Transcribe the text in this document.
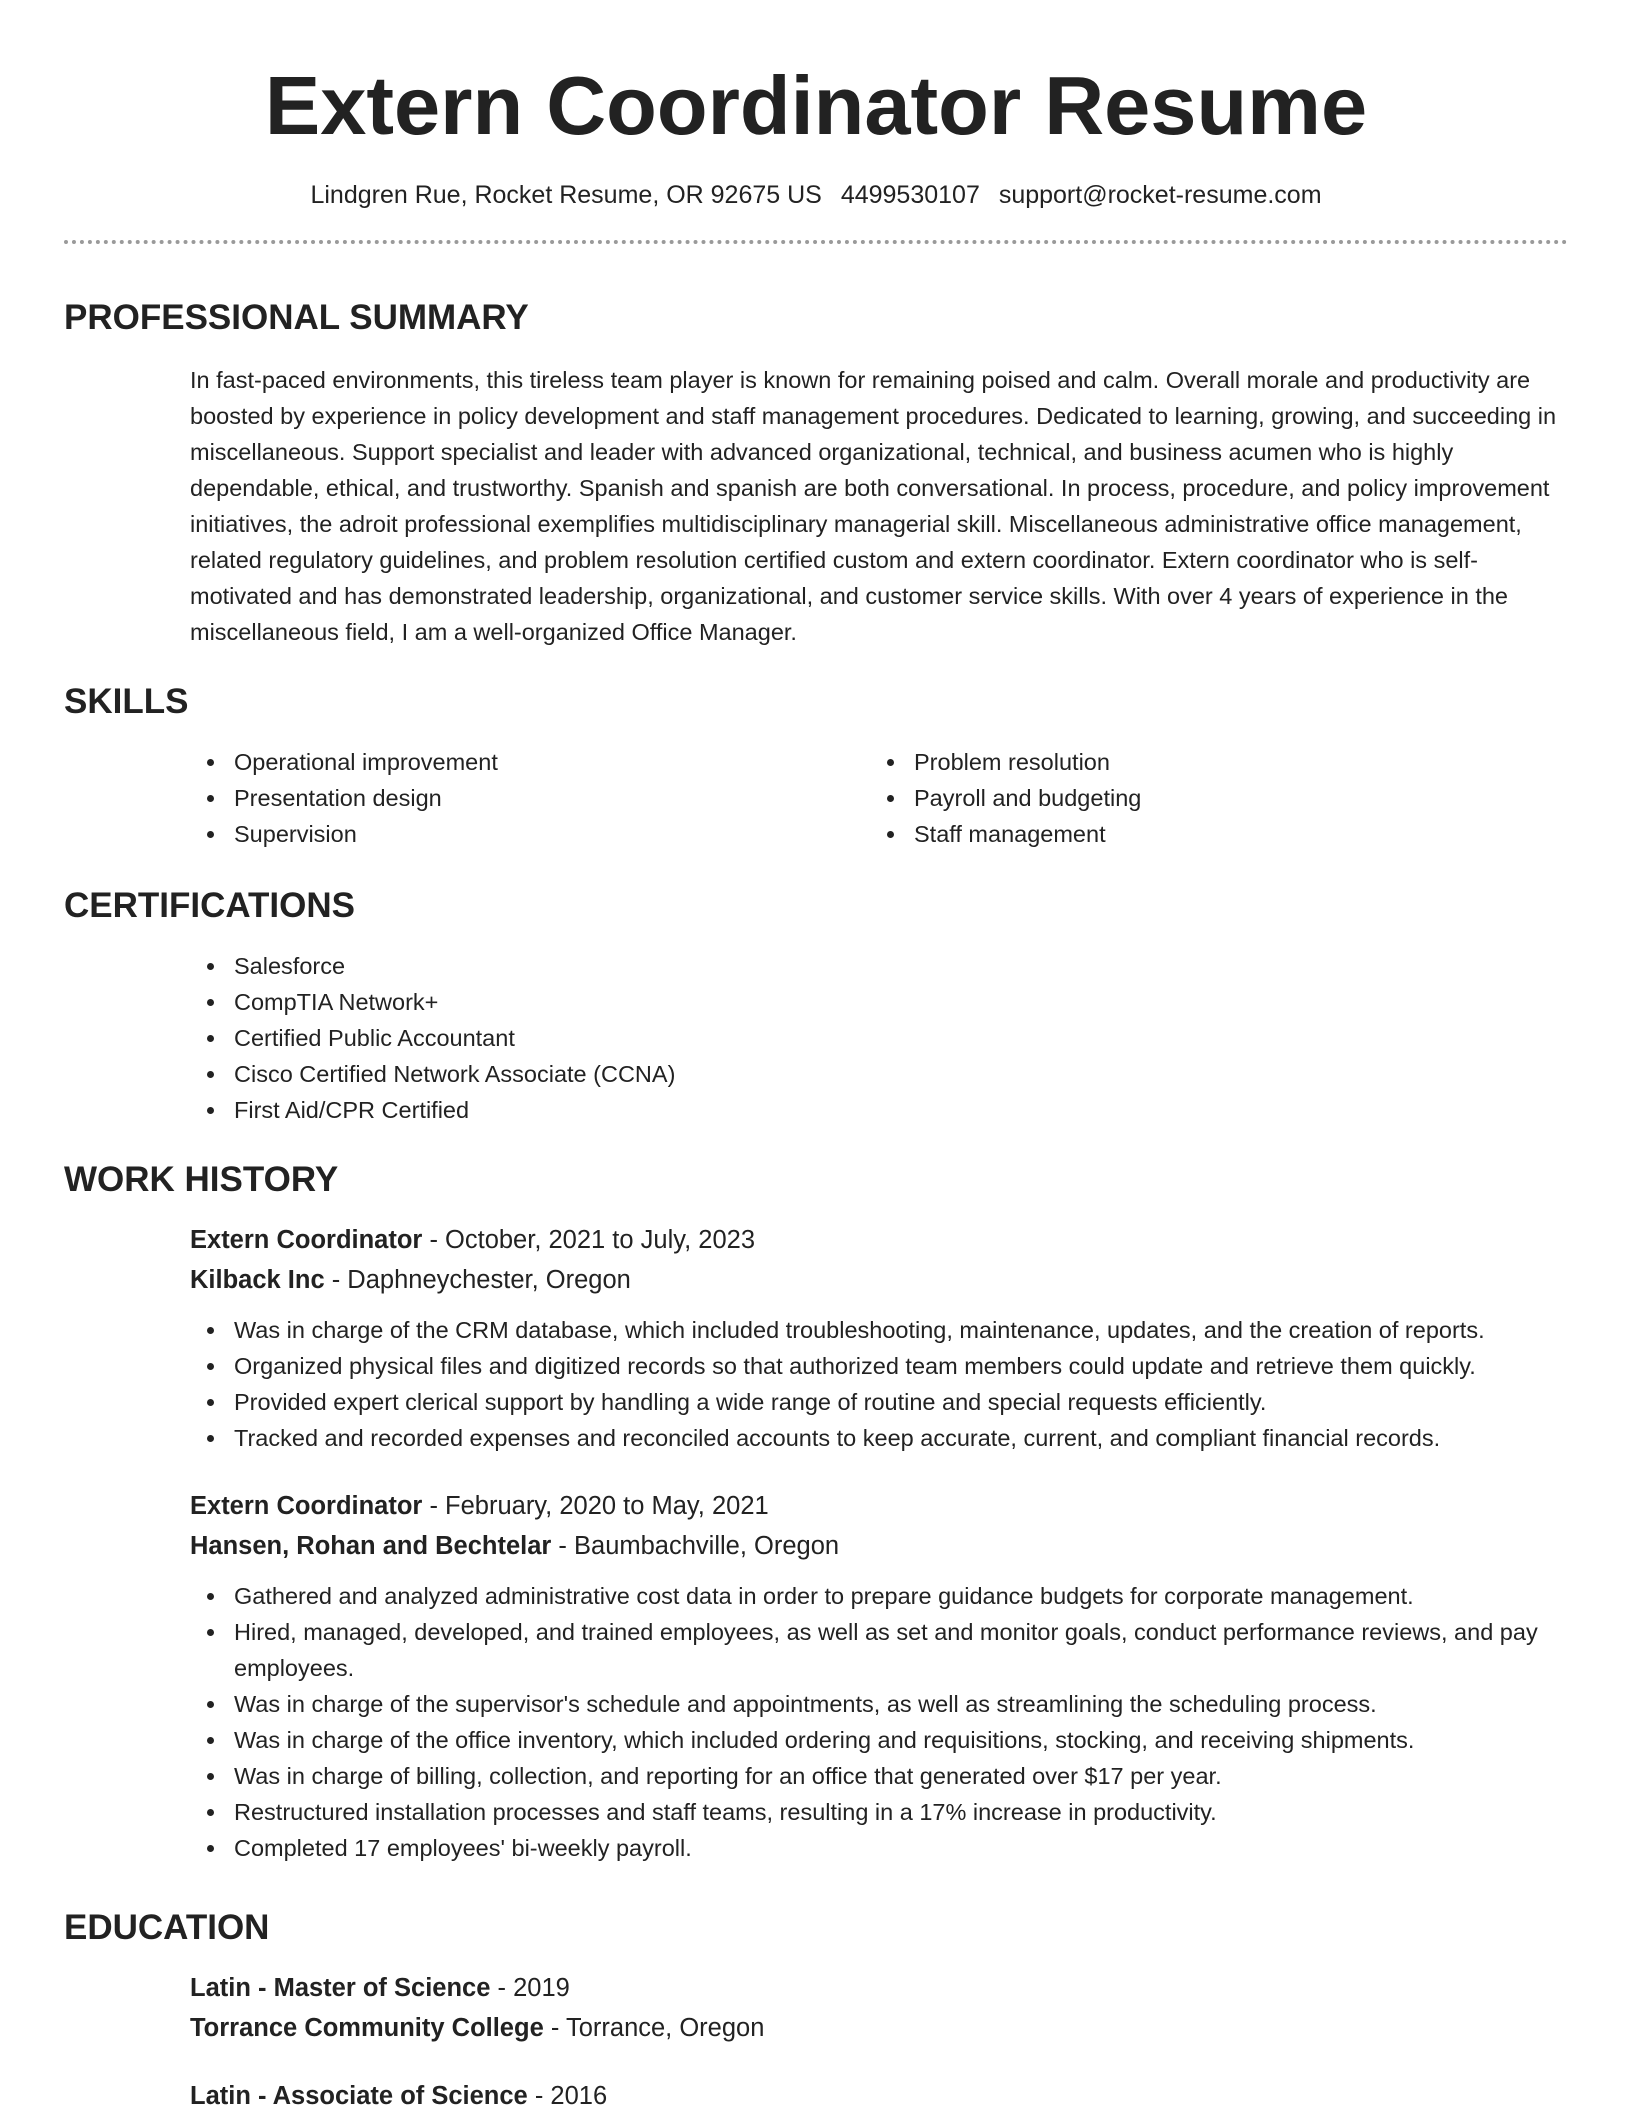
Extern Coordinator Resume
Lindgren Rue, Rocket Resume, OR 92675 US 4499530107 support@rocket-resume.com
PROFESSIONAL SUMMARY
In fast-paced environments, this tireless team player is known for remaining poised and calm. Overall morale and productivity are boosted by experience in policy development and staff management procedures. Dedicated to learning, growing, and succeeding in miscellaneous. Support specialist and leader with advanced organizational, technical, and business acumen who is highly dependable, ethical, and trustworthy. Spanish and spanish are both conversational. In process, procedure, and policy improvement initiatives, the adroit professional exemplifies multidisciplinary managerial skill. Miscellaneous administrative office management, related regulatory guidelines, and problem resolution certified custom and extern coordinator. Extern coordinator who is self-motivated and has demonstrated leadership, organizational, and customer service skills. With over 4 years of experience in the miscellaneous field, I am a well-organized Office Manager.
SKILLS
Operational improvement
Presentation design
Supervision
Problem resolution
Payroll and budgeting
Staff management
CERTIFICATIONS
Salesforce
CompTIA Network+
Certified Public Accountant
Cisco Certified Network Associate (CCNA)
First Aid/CPR Certified
WORK HISTORY
Extern Coordinator - October, 2021 to July, 2023
Kilback Inc - Daphneychester, Oregon
Was in charge of the CRM database, which included troubleshooting, maintenance, updates, and the creation of reports.
Organized physical files and digitized records so that authorized team members could update and retrieve them quickly.
Provided expert clerical support by handling a wide range of routine and special requests efficiently.
Tracked and recorded expenses and reconciled accounts to keep accurate, current, and compliant financial records.
Extern Coordinator - February, 2020 to May, 2021
Hansen, Rohan and Bechtelar - Baumbachville, Oregon
Gathered and analyzed administrative cost data in order to prepare guidance budgets for corporate management.
Hired, managed, developed, and trained employees, as well as set and monitor goals, conduct performance reviews, and pay employees.
Was in charge of the supervisor's schedule and appointments, as well as streamlining the scheduling process.
Was in charge of the office inventory, which included ordering and requisitions, stocking, and receiving shipments.
Was in charge of billing, collection, and reporting for an office that generated over $17 per year.
Restructured installation processes and staff teams, resulting in a 17% increase in productivity.
Completed 17 employees' bi-weekly payroll.
EDUCATION
Latin - Master of Science - 2019
Torrance Community College - Torrance, Oregon
Latin - Associate of Science - 2016
